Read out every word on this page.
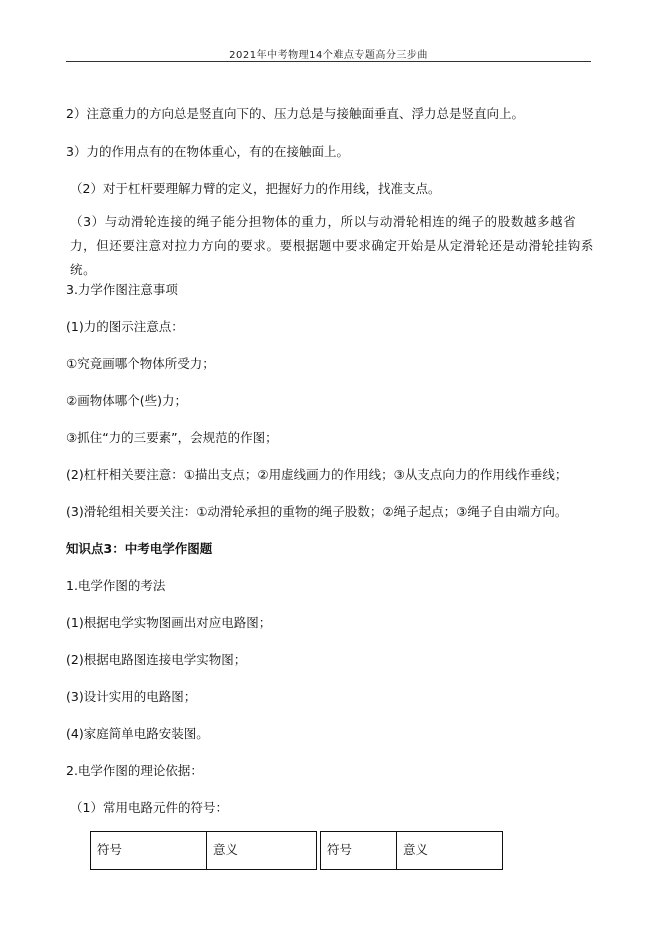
2021年中考物理14个难点专题高分三步曲
2）注意重力的方向总是竖直向下的、压力总是与接触面垂直、浮力总是竖直向上。
3）力的作用点有的在物体重心，有的在接触面上。
（2）对于杠杆要理解力臂的定义，把握好力的作用线，找准支点。
（3）与动滑轮连接的绳子能分担物体的重力，所以与动滑轮相连的绳子的股数越多越省力，但还要注意对拉力方向的要求。要根据题中要求确定开始是从定滑轮还是动滑轮挂钩系统。
3.力学作图注意事项
(1)力的图示注意点：
①究竟画哪个物体所受力；
②画物体哪个(些)力；
③抓住“力的三要素”，会规范的作图；
(2)杠杆相关要注意：①描出支点；②用虚线画力的作用线；③从支点向力的作用线作垂线；
(3)滑轮组相关要关注：①动滑轮承担的重物的绳子股数；②绳子起点；③绳子自由端方向。
知识点3：中考电学作图题
1.电学作图的考法
(1)根据电学实物图画出对应电路图；
(2)根据电路图连接电学实物图；
(3)设计实用的电路图；
(4)家庭简单电路安装图。
2.电学作图的理论依据：
（1）常用电路元件的符号：
符号	意义		符号	意义
